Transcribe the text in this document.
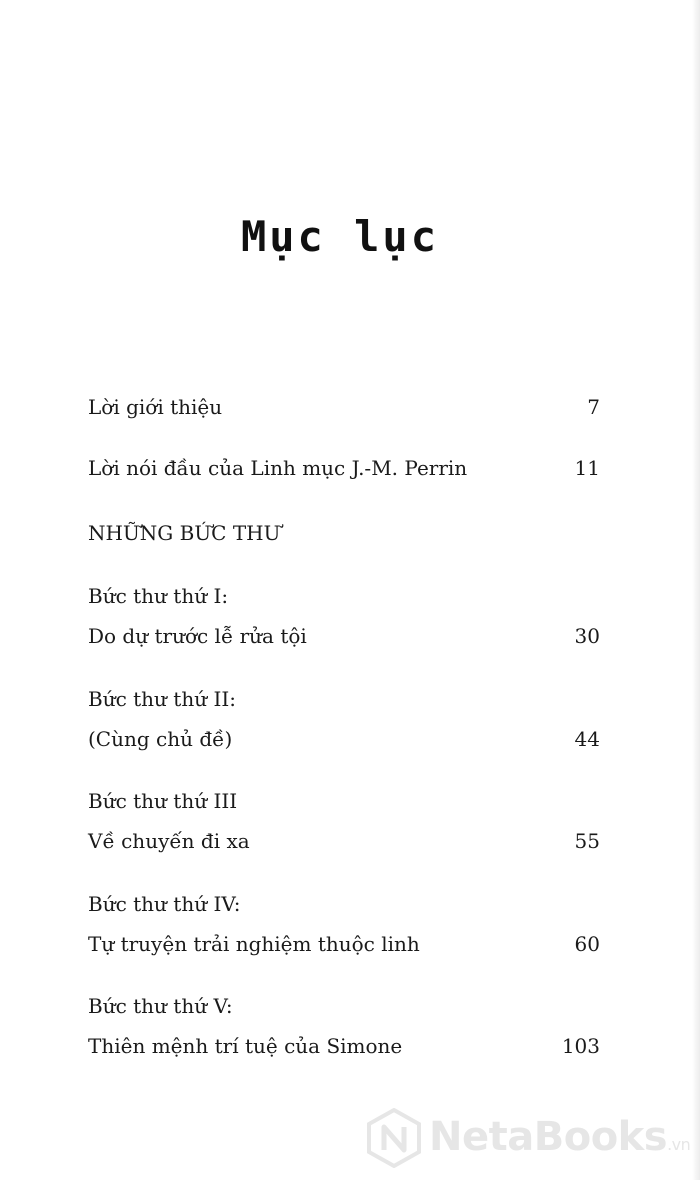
Mục lục
Lời giới thiệu	7
Lời nói đầu của Linh mục J.-M. Perrin	11
NHỮNG BỨC THƯ
Bức thư thứ I:
Do dự trước lễ rửa tội	30
Bức thư thứ II:
(Cùng chủ đề)	44
Bức thư thứ III
Về chuyến đi xa	55
Bức thư thứ IV:
Tự truyện trải nghiệm thuộc linh	60
Bức thư thứ V:
Thiên mệnh trí tuệ của Simone	103
NetaBooks.vn
